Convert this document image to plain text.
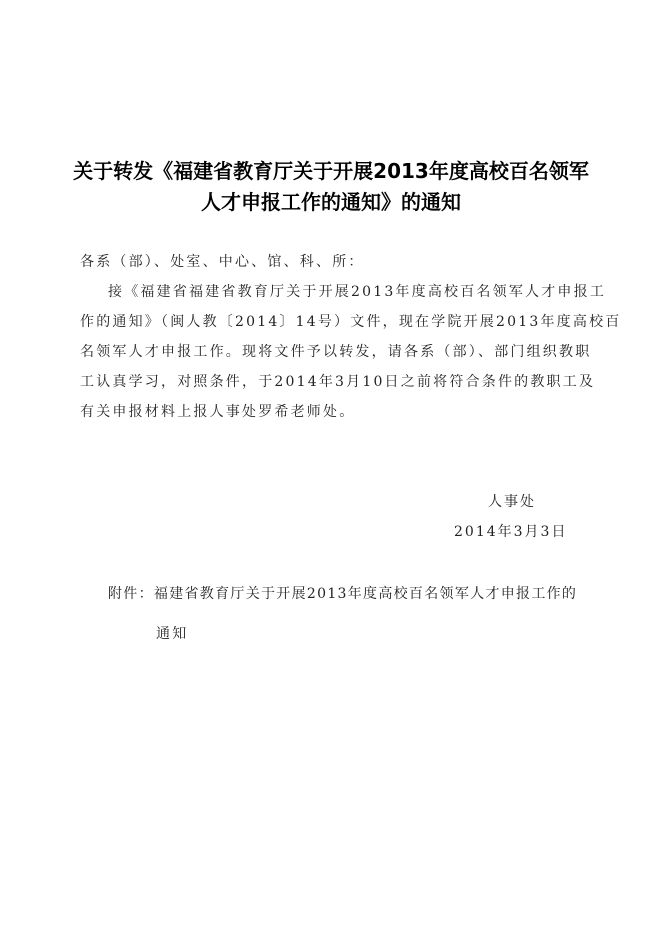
关于转发《福建省教育厅关于开展2013年度高校百名领军
人才申报工作的通知》的通知
各系（部）、处室、中心、馆、科、所：
接《福建省福建省教育厅关于开展2013年度高校百名领军人才申报工
作的通知》（闽人教〔2014〕14号）文件，现在学院开展2013年度高校百
名领军人才申报工作。现将文件予以转发，请各系（部）、部门组织教职
工认真学习，对照条件，于2014年3月10日之前将符合条件的教职工及
有关申报材料上报人事处罗希老师处。
人事处
2014年3月3日
附件：福建省教育厅关于开展2013年度高校百名领军人才申报工作的
通知
